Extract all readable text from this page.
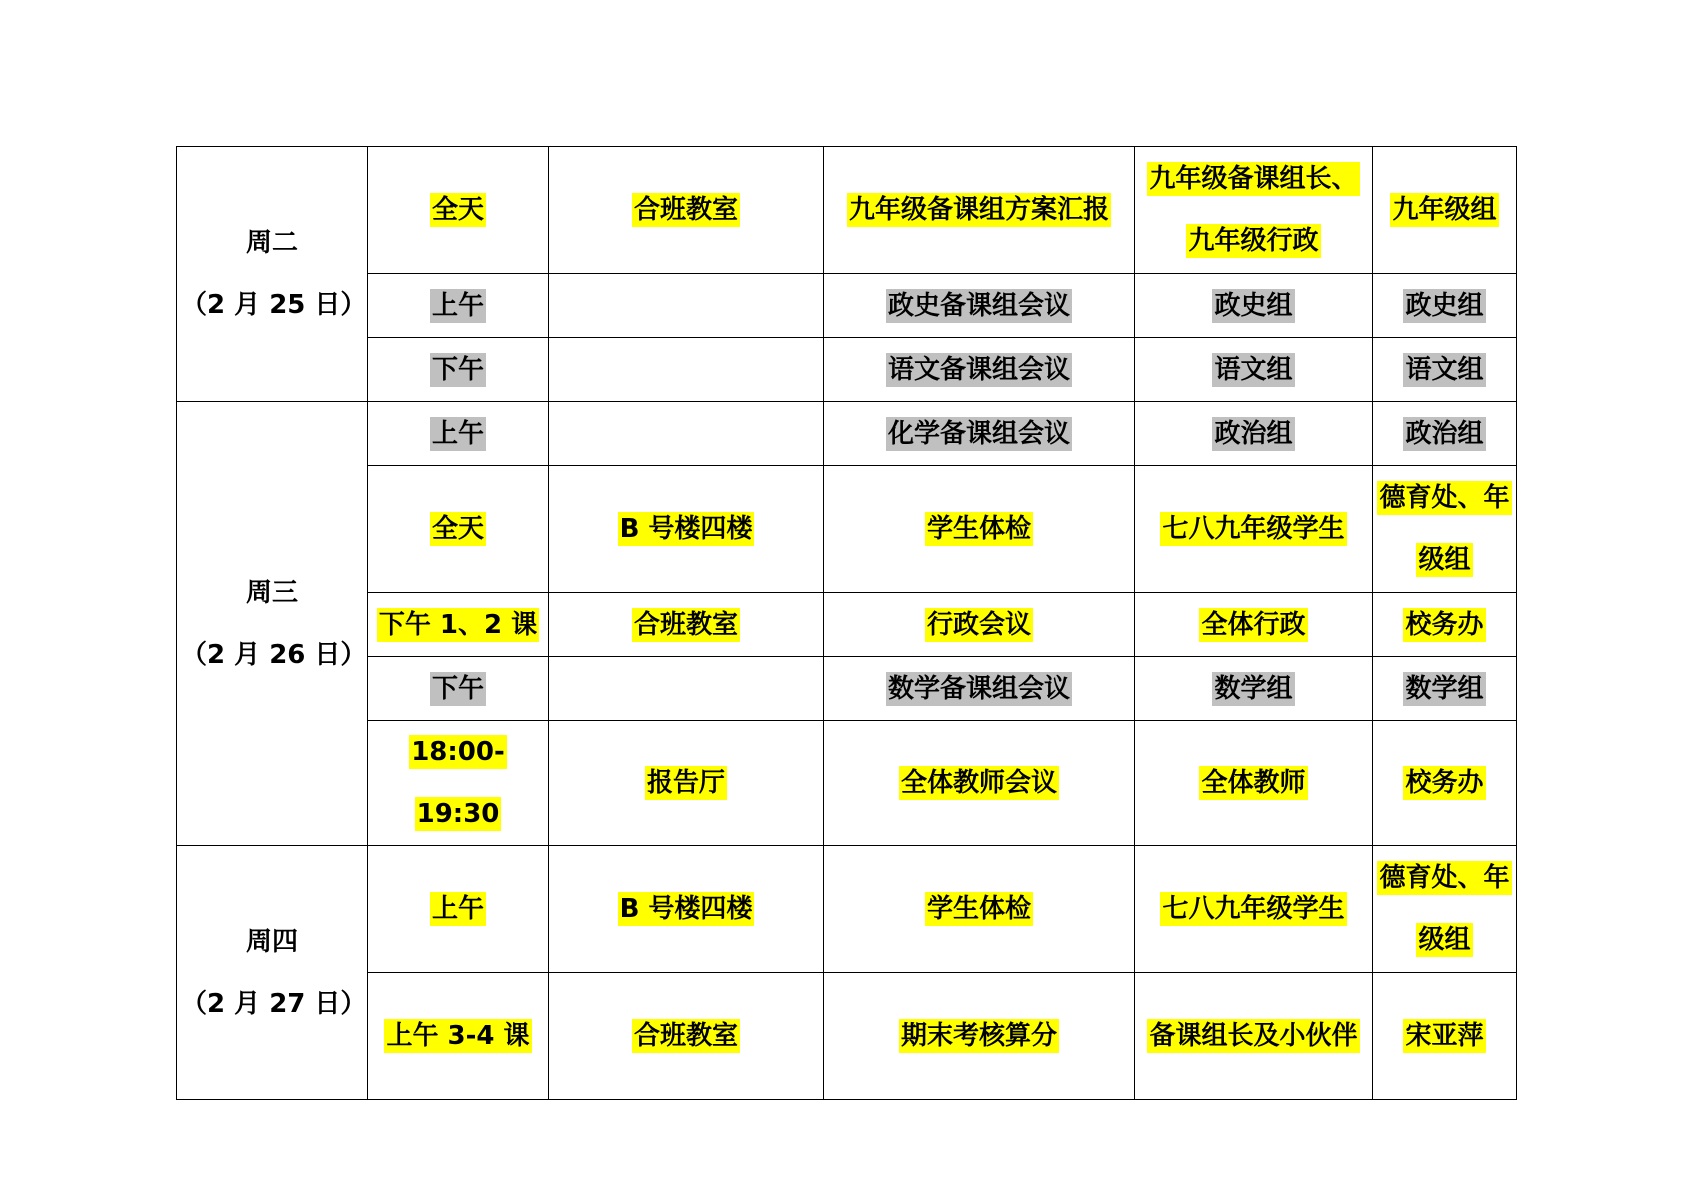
周二
（2 月 25 日）	全天	合班教室	九年级备课组方案汇报	九年级备课组长、九年级行政	九年级组
	上午		政史备课组会议	政史组	政史组
	下午		语文备课组会议	语文组	语文组

周三
（2 月 26 日）	上午		化学备课组会议	政治组	政治组
	全天	B 号楼四楼	学生体检	七八九年级学生	德育处、年级组
	下午 1、2 课	合班教室	行政会议	全体行政	校务办
	下午		数学备课组会议	数学组	数学组
	18:00-19:30	报告厅	全体教师会议	全体教师	校务办

周四
（2 月 27 日）	上午	B 号楼四楼	学生体检	七八九年级学生	德育处、年级组
	上午 3-4 课	合班教室	期末考核算分	备课组长及小伙伴	宋亚萍
